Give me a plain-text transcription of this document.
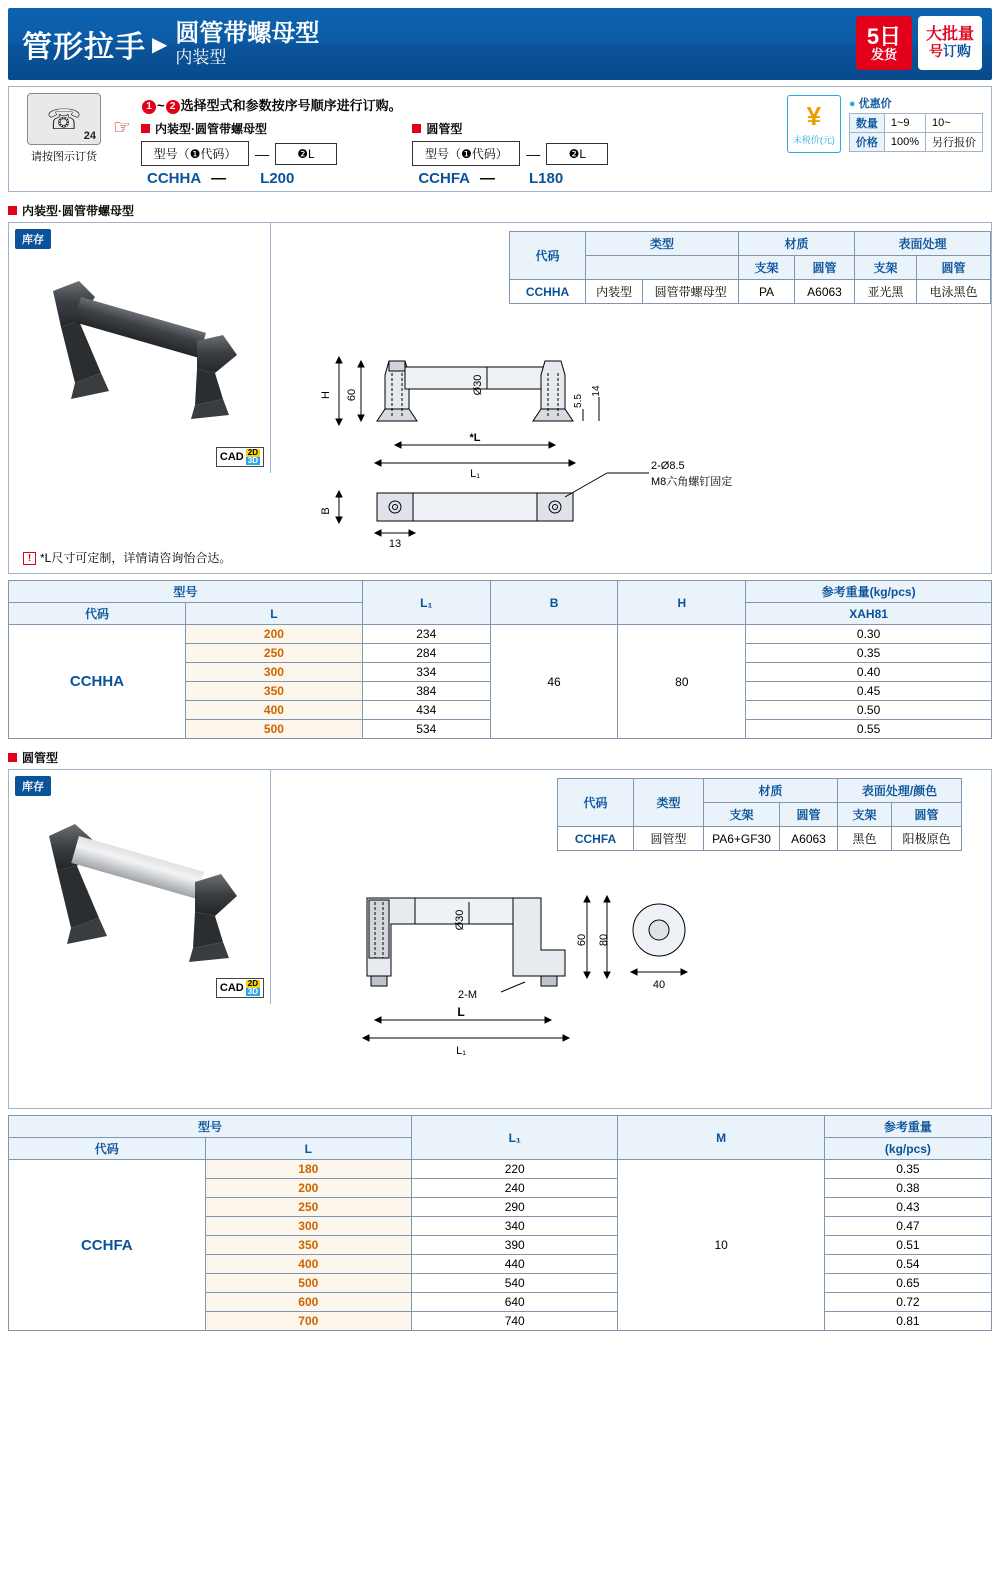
管形拉手 ▶ 圆管带螺母型
内装型
5日
发货
大批量
号订购
☏
24
请按图示订货
☞
1 ~ 2 选择型式和参数按序号顺序进行订购。
内装型·圆管带螺母型
型号（❶代码）	—	❷L
CCHHA — L200

圆管型
型号（❶代码）	—	❷L
CCHFA — L180
¥
未税价(元)
● 优惠价
数量	1~9	10~
价格	100%	另行报价
内装型·圆管带螺母型
库存
CAD 2D
3D
代码	类型		材质		表面处理	
			支架	圆管	支架	圆管
CCHHA	内装型	圆管带螺母型	PA	A6063	亚光黑	电泳黑色
H 60	Ø30
5.5
14
*L
L₁
B
13
2-Ø8.5
M8六角螺钉固定
! *L尺寸可定制，详情请咨询怡合达。
型号		L₁	B	H	参考重量(kg/pcs)
代码	L				XAH81
CCHHA	200	234	46	80	0.30
	250	284			0.35
	300	334			0.40
	350	384			0.45
	400	434			0.50
	500	534			0.55
圆管型
库存
CAD 2D
3D
代码	类型	材质		表面处理/颜色	
		支架	圆管	支架	圆管
CCHFA	圆管型	PA6+GF30	A6063	黑色	阳极原色
Ø30
60 80
40
2-M
L
L₁
型号		L₁	M	参考重量
代码	L			(kg/pcs)
CCHFA	180	220	10	0.35
	200	240		0.38
	250	290		0.43
	300	340		0.47
	350	390		0.51
	400	440		0.54
	500	540		0.65
	600	640		0.72
	700	740		0.81
